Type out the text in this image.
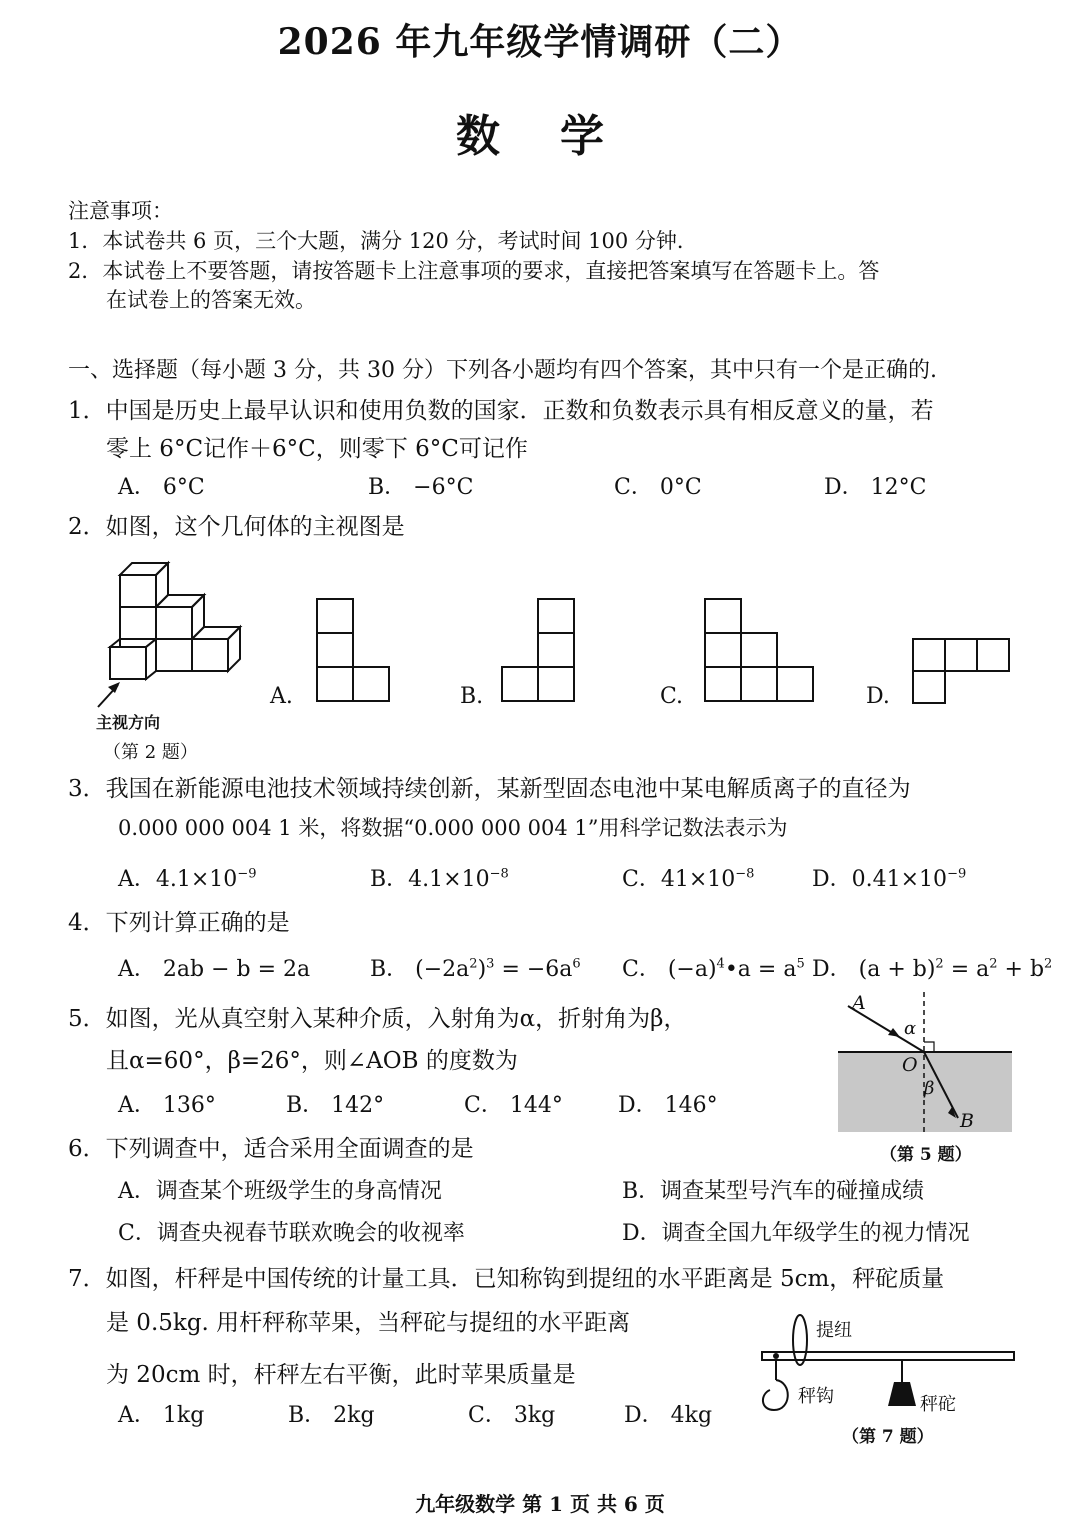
2026 年九年级学情调研（二）
数学
注意事项：
1．本试卷共 6 页，三个大题，满分 120 分，考试时间 100 分钟．
2．本试卷上不要答题，请按答题卡上注意事项的要求，直接把答案填写在答题卡上。答
在试卷上的答案无效。
一、选择题（每小题 3 分，共 30 分）下列各小题均有四个答案，其中只有一个是正确的.
1．中国是历史上最早认识和使用负数的国家．正数和负数表示具有相反意义的量，若
零上 6°C记作＋6°C，则零下 6°C可记作
A． 6°C	B． −6°C	C． 0°C	D． 12°C
2．如图，这个几何体的主视图是
主视方向
（第 2 题）
A.	B.	C.	D.
3．我国在新能源电池技术领域持续创新，某新型固态电池中某电解质离子的直径为
0.000 000 004 1 米，将数据“0.000 000 004 1”用科学记数法表示为
A．$4.1\times 10^{-9}$	B．$4.1\times 10^{-8}$	C．$41\times 10^{-8}$	D．$0.41\times 10^{-9}$
4．下列计算正确的是
A． 2ab − b = 2a	B． $(-2a^2)^3 = -6a^6$ C． $(-a)^4•a = a^5$ D． $(a + b)^2 = a^2 + b^2$
5．如图，光从真空射入某种介质，入射角为α，折射角为β，
且α=60°，β=26°，则∠AOB 的度数为
A． 136°	B． 142°	C． 144°	D． 146°
A
α
O
β
B
（第 5 题）
6．下列调查中，适合采用全面调查的是
A．调查某个班级学生的身高情况	B．调查某型号汽车的碰撞成绩
C．调查央视春节联欢晚会的收视率	D．调查全国九年级学生的视力情况
7．如图，杆秤是中国传统的计量工具．已知称钩到提纽的水平距离是 5cm，秤砣质量
是 0.5kg. 用杆秤称苹果，当秤砣与提纽的水平距离
为 20cm 时，杆秤左右平衡，此时苹果质量是
A． 1kg	B． 2kg	C． 3kg	D． 4kg
提纽
秤钩	秤砣
（第 7 题）
九年级数学 第 1 页 共 6 页
